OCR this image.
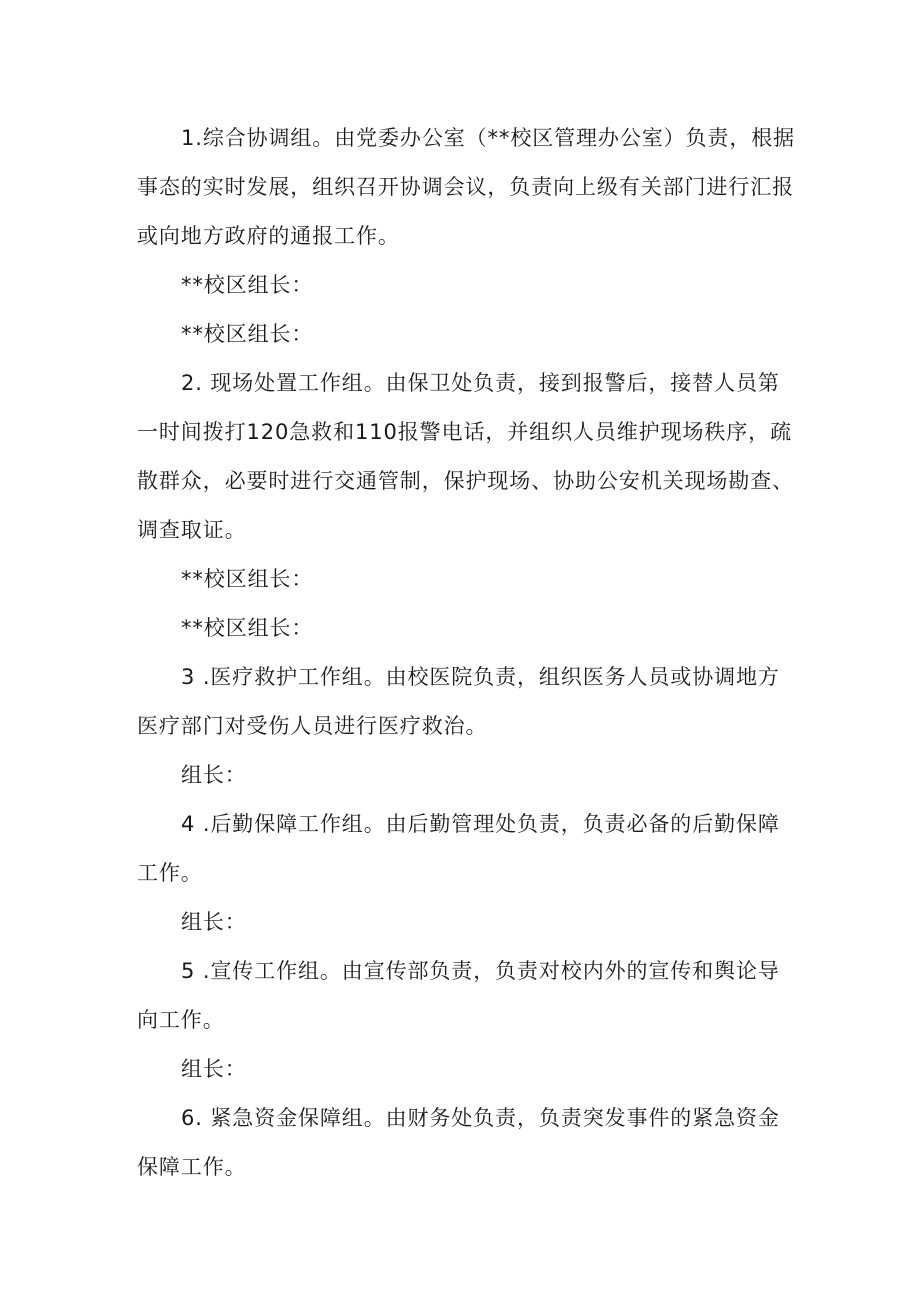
1.综合协调组。由党委办公室（**校区管理办公室）负责，根据事态的实时发展，组织召开协调会议，负责向上级有关部门进行汇报或向地方政府的通报工作。

**校区组长：

**校区组长：

2. 现场处置工作组。由保卫处负责，接到报警后，接替人员第一时间拨打120急救和110报警电话，并组织人员维护现场秩序，疏散群众，必要时进行交通管制，保护现场、协助公安机关现场勘查、调查取证。

**校区组长：

**校区组长：

3 .医疗救护工作组。由校医院负责，组织医务人员或协调地方医疗部门对受伤人员进行医疗救治。

组长：

4 .后勤保障工作组。由后勤管理处负责，负责必备的后勤保障工作。

组长：

5 .宣传工作组。由宣传部负责，负责对校内外的宣传和舆论导向工作。

组长：

6. 紧急资金保障组。由财务处负责，负责突发事件的紧急资金保障工作。
